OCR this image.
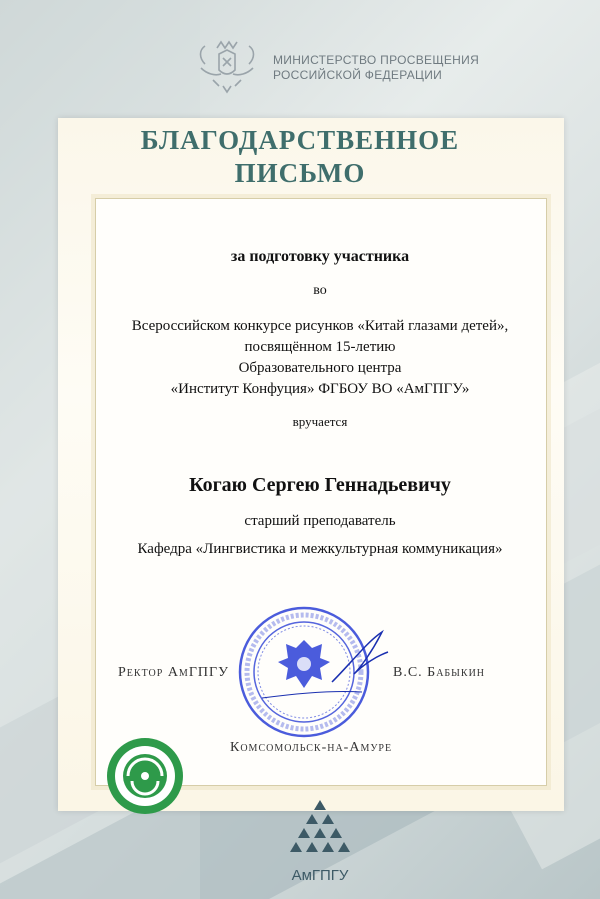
МИНИСТЕРСТВО ПРОСВЕЩЕНИЯ
РОССИЙСКОЙ ФЕДЕРАЦИИ
БЛАГОДАРСТВЕННОЕ
ПИСЬМО
за подготовку участника
во
Всероссийском конкурсе рисунков «Китай глазами детей»,
посвящённом 15-летию
Образовательного центра
«Институт Конфуция» ФГБОУ ВО «АмГПГУ»
вручается
Когаю Сергею Геннадьевичу
старший преподаватель
Кафедра «Лингвистика и межкультурная коммуникация»
Ректор АмГПГУ	В.С. Бабыкин
Комсомольск-на-Амуре
АмГПГУ
